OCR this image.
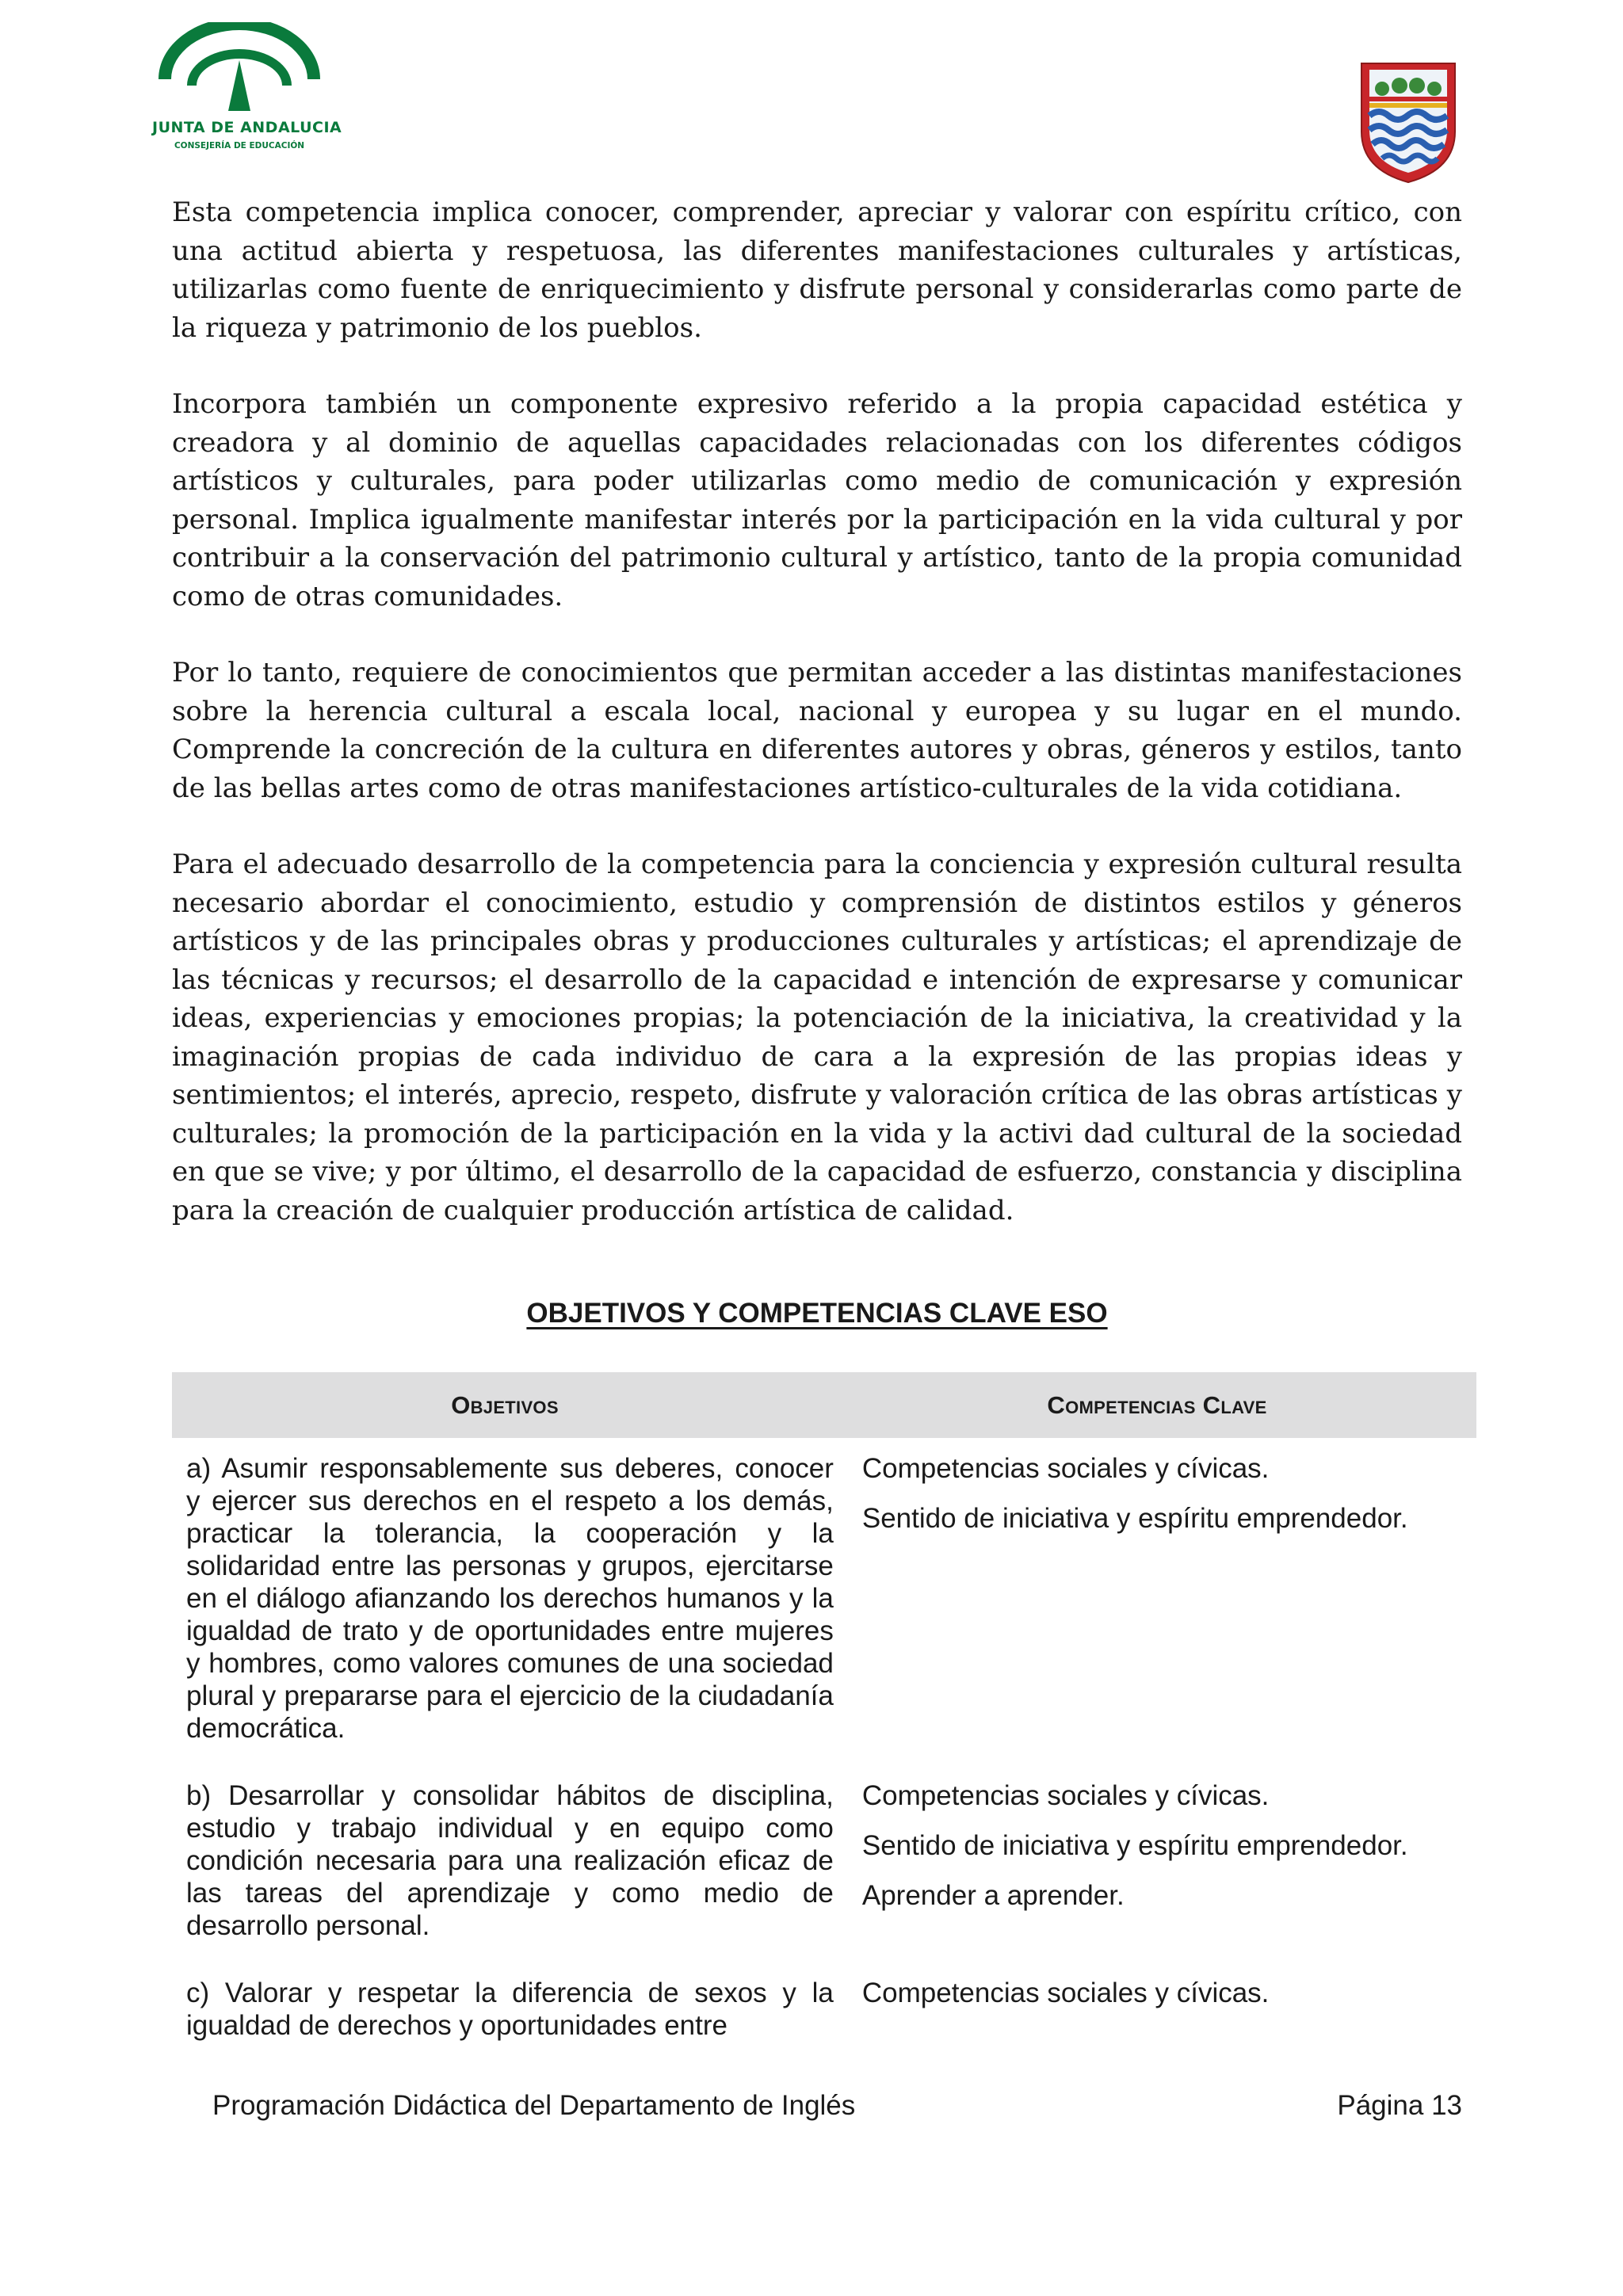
JUNTA DE ANDALUCIA
CONSEJERÍA DE EDUCACIÓN

Esta competencia implica conocer, comprender, apreciar y valorar con espíritu crítico, con una actitud abierta y respetuosa, las diferentes manifestaciones culturales y artísticas, utilizarlas como fuente de enriquecimiento y disfrute personal y considerarlas como parte de la riqueza y patrimonio de los pueblos.

Incorpora también un componente expresivo referido a la propia capacidad estética y creadora y al dominio de aquellas capacidades relacionadas con los diferentes códigos artísticos y culturales, para poder utilizarlas como medio de comunicación y expresión personal. Implica igualmente manifestar interés por la participación en la vida cultural y por contribuir a la conservación del patrimonio cultural y artístico, tanto de la propia comunidad como de otras comunidades.

Por lo tanto, requiere de conocimientos que permitan acceder a las distintas manifestaciones sobre la herencia cultural a escala local, nacional y europea y su lugar en el mundo. Comprende la concreción de la cultura en diferentes autores y obras, géneros y estilos, tanto de las bellas artes como de otras manifestaciones artístico-culturales de la vida cotidiana.

Para el adecuado desarrollo de la competencia para la conciencia y expresión cultural resulta necesario abordar el conocimiento, estudio y comprensión de distintos estilos y géneros artísticos y de las principales obras y producciones culturales y artísticas; el aprendizaje de las técnicas y recursos; el desarrollo de la capacidad e intención de expresarse y comunicar ideas, experiencias y emociones propias; la potenciación de la iniciativa, la creatividad y la imaginación propias de cada individuo de cara a la expresión de las propias ideas y sentimientos; el interés, aprecio, respeto, disfrute y valoración crítica de las obras artísticas y culturales; la promoción de la participación en la vida y la activi dad cultural de la sociedad en que se vive; y por último, el desarrollo de la capacidad de esfuerzo, constancia y disciplina para la creación de cualquier producción artística de calidad.

OBJETIVOS Y COMPETENCIAS CLAVE ESO
Objetivos	Competencias Clave
a) Asumir responsablemente sus deberes, conocer y ejercer sus derechos en el respeto a los demás, practicar la tolerancia, la cooperación y la solidaridad entre las personas y grupos, ejercitarse en el diálogo afianzando los derechos humanos y la igualdad de trato y de oportunidades entre mujeres y hombres, como valores comunes de una sociedad plural y prepararse para el ejercicio de la ciudadanía democrática.
Competencias sociales y cívicas.
Sentido de iniciativa y espíritu emprendedor.
b) Desarrollar y consolidar hábitos de disciplina, estudio y trabajo individual y en equipo como condición necesaria para una realización eficaz de las tareas del aprendizaje y como medio de desarrollo personal.
Competencias sociales y cívicas.
Sentido de iniciativa y espíritu emprendedor.
Aprender a aprender.
c) Valorar y respetar la diferencia de sexos y la igualdad de derechos y oportunidades entre
Competencias sociales y cívicas.
Programación Didáctica del Departamento de Inglés	Página 13
